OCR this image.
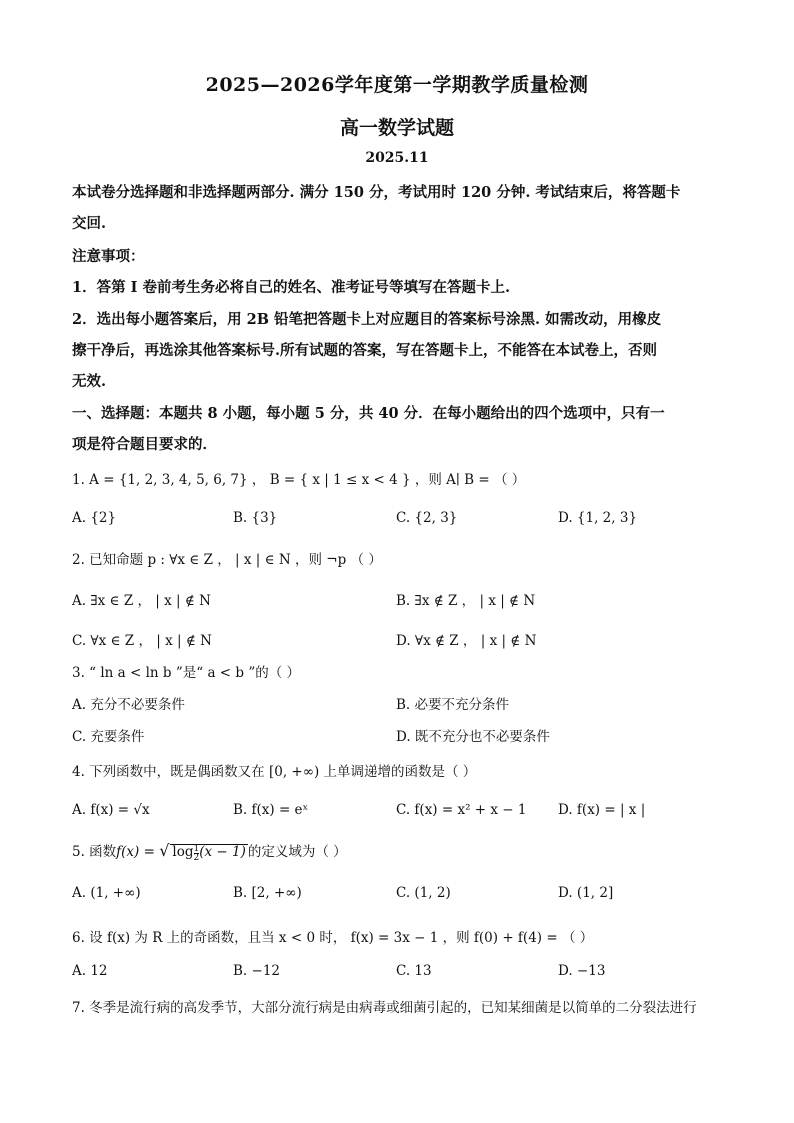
2025—2026学年度第一学期教学质量检测
高一数学试题
2025.11
本试卷分选择题和非选择题两部分. 满分 150 分，考试用时 120 分钟. 考试结束后，将答题卡
交回.
注意事项：
1．答第 I 卷前考生务必将自己的姓名、准考证号等填写在答题卡上.
2．选出每小题答案后，用 2B 铅笔把答题卡上对应题目的答案标号涂黑. 如需改动，用橡皮
擦干净后，再选涂其他答案标号.所有试题的答案，写在答题卡上，不能答在本试卷上，否则
无效.
一、选择题：本题共 8 小题，每小题 5 分，共 40 分．在每小题给出的四个选项中，只有一
项是符合题目要求的．
1. A = {1, 2, 3, 4, 5, 6, 7} ， B = { x | 1 ≤ x < 4 } ，则 A∣ B = （ ）
A. {2}	B. {3}	C. {2, 3}	D. {1, 2, 3}
2. 已知命题 p : ∀x ∈ Z ， | x | ∈ N ，则 ¬p （ ）
A. ∃x ∈ Z ， | x | ∉ N	B. ∃x ∉ Z ， | x | ∉ N
C. ∀x ∈ Z ， | x | ∉ N	D. ∀x ∉ Z ， | x | ∉ N
3. “ ln a < ln b ”是“ a < b ”的（ ）
A. 充分不必要条件	B. 必要不充分条件
C. 充要条件	D. 既不充分也不必要条件
4. 下列函数中，既是偶函数又在 [0, +∞) 上单调递增的函数是（ ）
A. f(x) = √x	B. f(x) = eˣ	C. f(x) = x² + x − 1 D. f(x) = | x |
5. 函数f(x) = √ $\log \frac{1}{2} (x - 1)$ 的定义域为（ ）
A. (1, +∞)	B. [2, +∞)	C. (1, 2)	D. (1, 2]
6. 设 f(x) 为 R 上的奇函数，且当 x < 0 时， f(x) = 3x − 1 ，则 f(0) + f(4) = （ ）
A. 12	B. −12	C. 13	D. −13
7. 冬季是流行病的高发季节，大部分流行病是由病毒或细菌引起的，已知某细菌是以简单的二分裂法进行
